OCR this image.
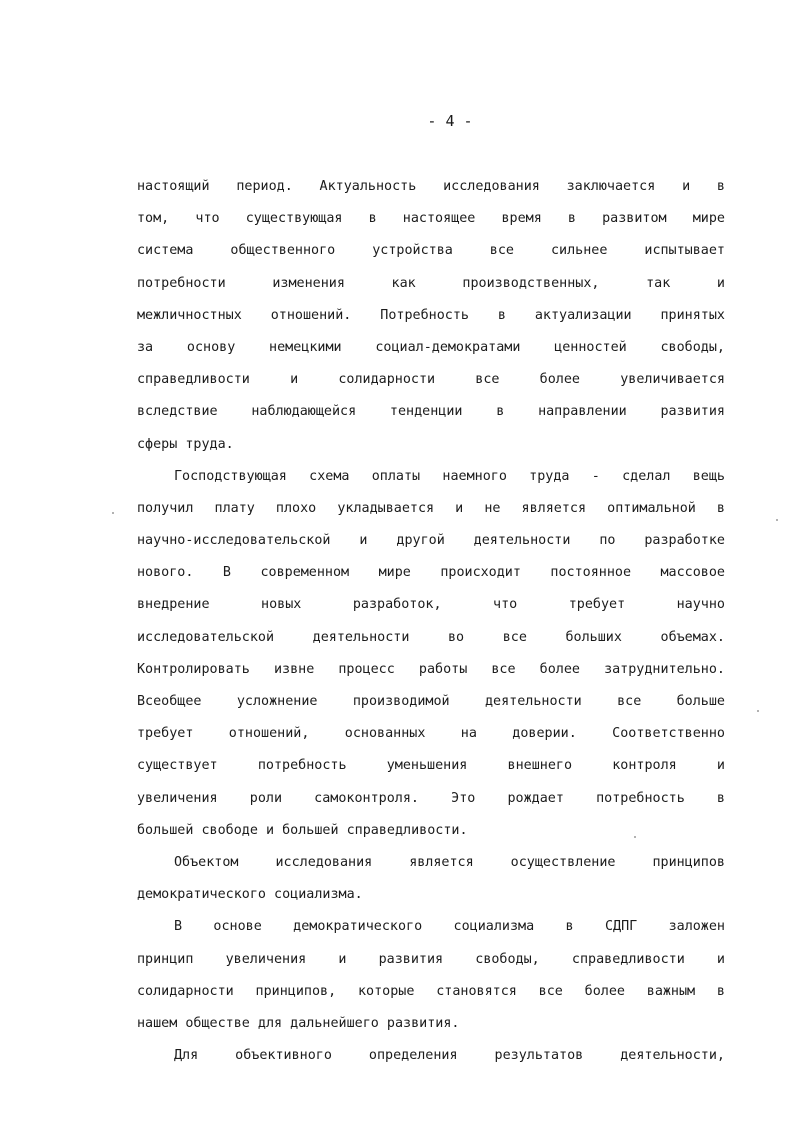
- 4 -
настоящий период. Актуальность исследования заключается и в
том, что существующая в настоящее время в развитом мире
система общественного устройства все сильнее испытывает
потребности изменения как производственных, так и
межличностных отношений. Потребность в актуализации принятых
за основу немецкими социал-демократами ценностей свободы,
справедливости и солидарности все более увеличивается
вследствие наблюдающейся тенденции в направлении развития
сферы труда.
Господствующая схема оплаты наемного труда - сделал вещь
получил плату плохо укладывается и не является оптимальной в
научно-исследовательской и другой деятельности по разработке
нового. В современном мире происходит постоянное массовое
внедрение новых разработок, что требует научно
исследовательской деятельности во все больших объемах.
Контролировать извне процесс работы все более затруднительно.
Всеобщее усложнение производимой деятельности все больше
требует отношений, основанных на доверии. Соответственно
существует потребность уменьшения внешнего контроля и
увеличения роли самоконтроля. Это рождает потребность в
большей свободе и большей справедливости.
Объектом исследования является осуществление принципов
демократического социализма.
В основе демократического социализма в СДПГ заложен
принцип увеличения и развития свободы, справедливости и
солидарности принципов, которые становятся все более важным в
нашем обществе для дальнейшего развития.
Для объективного определения результатов деятельности,
